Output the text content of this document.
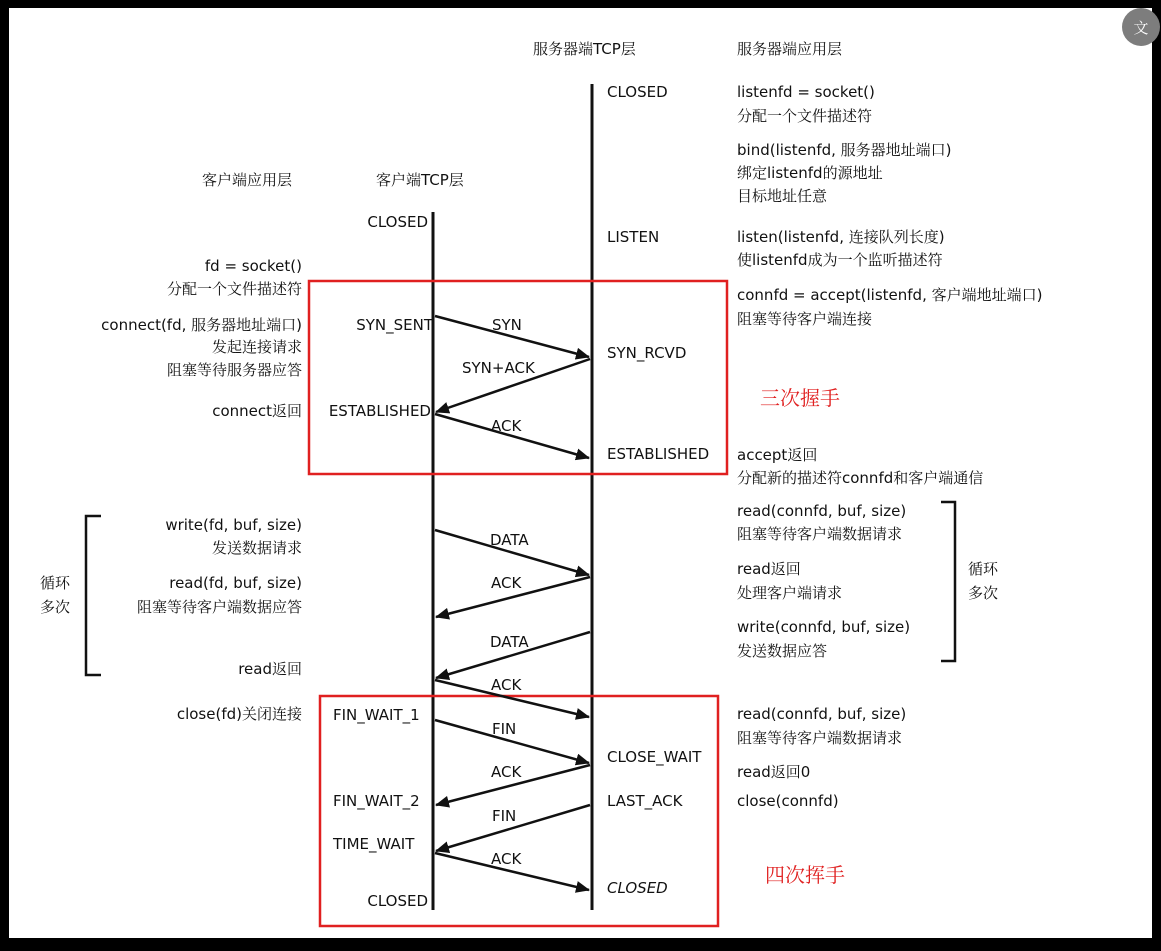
文
服务器端TCP层	服务器端应用层
客户端应用层	客户端TCP层
CLOSED
LISTEN
SYN_RCVD
ESTABLISHED
CLOSE_WAIT
LAST_ACK
CLOSED
CLOSED
SYN_SENT
ESTABLISHED
FIN_WAIT_1
FIN_WAIT_2
TIME_WAIT
CLOSED
SYN
SYN+ACK
ACK
DATA
ACK
DATA
ACK
FIN
ACK
FIN
ACK
listenfd = socket()
分配一个文件描述符
bind(listenfd, 服务器地址端口)
绑定listenfd的源地址
目标地址任意
listen(listenfd, 连接队列长度)
使listenfd成为一个监听描述符
connfd = accept(listenfd, 客户端地址端口)
阻塞等待客户端连接
accept返回
分配新的描述符connfd和客户端通信
read(connfd, buf, size)
阻塞等待客户端数据请求
read返回
处理客户端请求
write(connfd, buf, size)
发送数据应答
read(connfd, buf, size)
阻塞等待客户端数据请求
read返回0
close(connfd)
循环
多次
fd = socket()
分配一个文件描述符
connect(fd, 服务器地址端口)
发起连接请求
阻塞等待服务器应答
connect返回
write(fd, buf, size)
发送数据请求
read(fd, buf, size)
阻塞等待客户端数据应答
read返回
close(fd)关闭连接
循环
多次
三次握手
四次挥手
